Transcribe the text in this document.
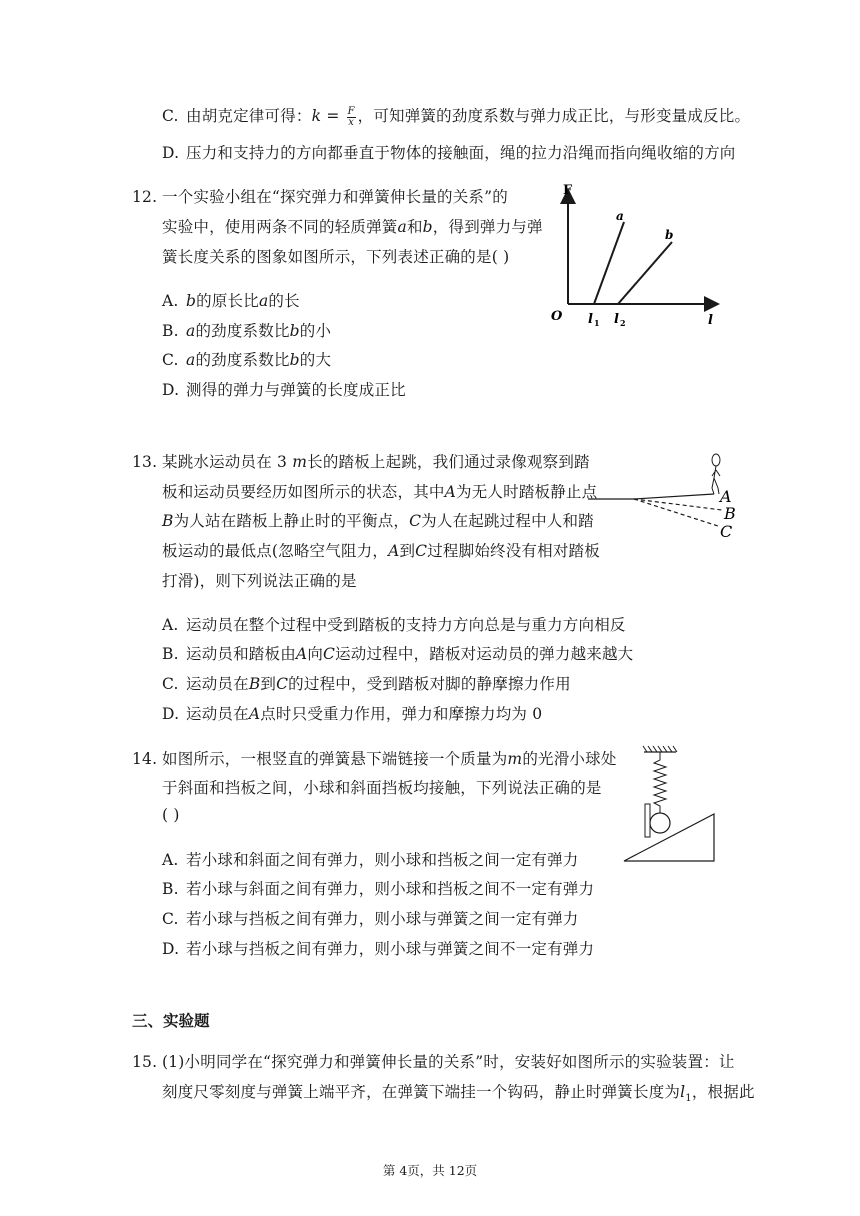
C. 由胡克定律可得：$k = \frac{F}{x}$ ，可知弹簧的劲度系数与弹力成正比，与形变量成反比。
D. 压力和支持力的方向都垂直于物体的接触面，绳的拉力沿绳而指向绳收缩的方向
12. 一个实验小组在“探究弹力和弹簧伸长量的关系”的
实验中，使用两条不同的轻质弹簧a和b，得到弹力与弹
簧长度关系的图象如图所示，下列表述正确的是( )
A. b的原长比a的长
B. a的劲度系数比b的小
C. a的劲度系数比b的大
D. 测得的弹力与弹簧的长度成正比
F
O
a
b
l 1 l 2	l
13. 某跳水运动员在 3 m长的踏板上起跳，我们通过录像观察到踏
板和运动员要经历如图所示的状态，其中A为无人时踏板静止点
B为人站在踏板上静止时的平衡点，C为人在起跳过程中人和踏
板运动的最低点(忽略空气阻力，A到C过程脚始终没有相对踏板
打滑)，则下列说法正确的是
A. 运动员在整个过程中受到踏板的支持力方向总是与重力方向相反
B. 运动员和踏板由A向C运动过程中，踏板对运动员的弹力越来越大
C. 运动员在B到C的过程中，受到踏板对脚的静摩擦力作用
D. 运动员在A点时只受重力作用，弹力和摩擦力均为 0
A
B
C
14. 如图所示，一根竖直的弹簧悬下端链接一个质量为m的光滑小球处
于斜面和挡板之间，小球和斜面挡板均接触，下列说法正确的是
( )
A. 若小球和斜面之间有弹力，则小球和挡板之间一定有弹力
B. 若小球与斜面之间有弹力，则小球和挡板之间不一定有弹力
C. 若小球与挡板之间有弹力，则小球与弹簧之间一定有弹力
D. 若小球与挡板之间有弹力，则小球与弹簧之间不一定有弹力
三、实验题
15. (1)小明同学在“探究弹力和弹簧伸长量的关系”时，安装好如图所示的实验装置：让
刻度尺零刻度与弹簧上端平齐，在弹簧下端挂一个钩码，静止时弹簧长度为$l_1$，根据此
第 4页，共 12页
